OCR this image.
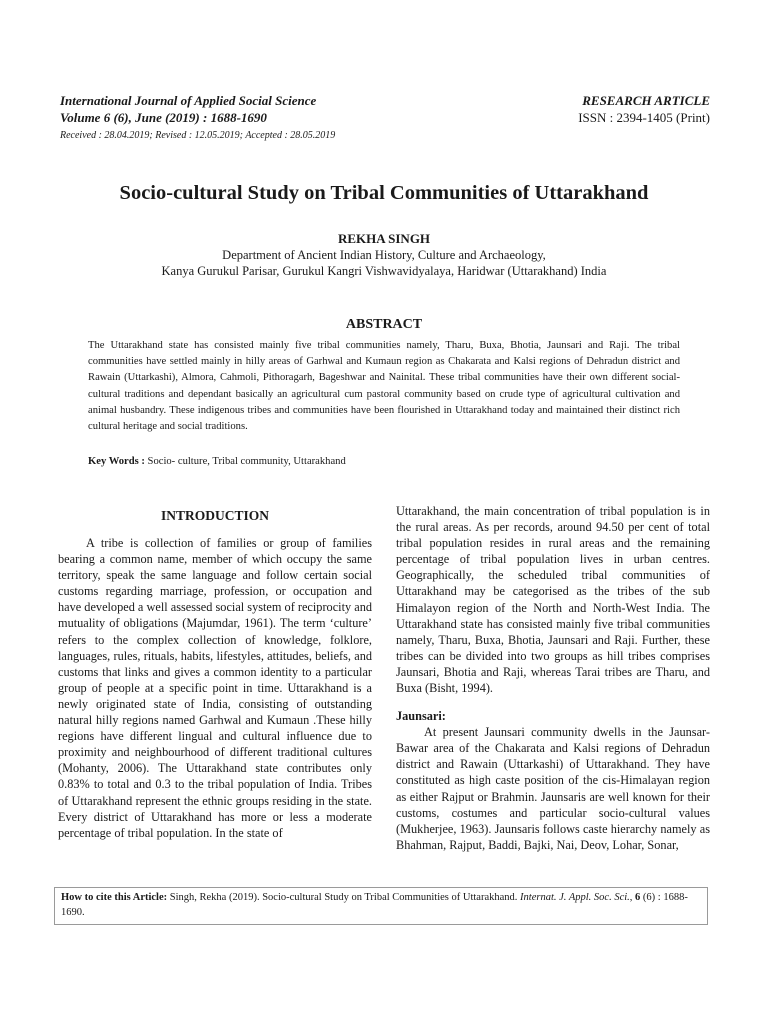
International Journal of Applied Social Science
Volume 6 (6), June (2019) : 1688-1690
Received : 28.04.2019; Revised : 12.05.2019; Accepted : 28.05.2019
RESEARCH ARTICLE
ISSN : 2394-1405 (Print)
Socio-cultural Study on Tribal Communities of Uttarakhand
REKHA SINGH
Department of Ancient Indian History, Culture and Archaeology,
Kanya Gurukul Parisar, Gurukul Kangri Vishwavidyalaya, Haridwar (Uttarakhand) India
ABSTRACT
The Uttarakhand state has consisted mainly five tribal communities namely, Tharu, Buxa, Bhotia, Jaunsari and Raji. The tribal communities have settled mainly in hilly areas of Garhwal and Kumaun region as Chakarata and Kalsi regions of Dehradun district and Rawain (Uttarkashi), Almora, Cahmoli, Pithoragarh, Bageshwar and Nainital. These tribal communities have their own different social-cultural traditions and dependant basically an agricultural cum pastoral community based on crude type of agricultural cultivation and animal husbandry. These indigenous tribes and communities have been flourished in Uttarakhand today and maintained their distinct rich cultural heritage and social traditions.
Key Words : Socio- culture, Tribal community, Uttarakhand
INTRODUCTION

A tribe is collection of families or group of families bearing a common name, member of which occupy the same territory, speak the same language and follow certain social customs regarding marriage, profession, or occupation and have developed a well assessed social system of reciprocity and mutuality of obligations (Majumdar, 1961). The term ‘culture’ refers to the complex collection of knowledge, folklore, languages, rules, rituals, habits, lifestyles, attitudes, beliefs, and customs that links and gives a common identity to a particular group of people at a specific point in time. Uttarakhand is a newly originated state of India, consisting of outstanding natural hilly regions named Garhwal and Kumaun .These hilly regions have different lingual and cultural influence due to proximity and neighbourhood of different traditional cultures (Mohanty, 2006). The Uttarakhand state contributes only 0.83% to total and 0.3 to the tribal population of India. Tribes of Uttarakhand represent the ethnic groups residing in the state. Every district of Uttarakhand has more or less a moderate percentage of tribal population. In the state of

Uttarakhand, the main concentration of tribal population is in the rural areas. As per records, around 94.50 per cent of total tribal population resides in rural areas and the remaining percentage of tribal population lives in urban centres. Geographically, the scheduled tribal communities of Uttarakhand may be categorised as the tribes of the sub Himalayon region of the North and North-West India. The Uttarakhand state has consisted mainly five tribal communities namely, Tharu, Buxa, Bhotia, Jaunsari and Raji. Further, these tribes can be divided into two groups as hill tribes comprises Jaunsari, Bhotia and Raji, whereas Tarai tribes are Tharu, and Buxa (Bisht, 1994).

Jaunsari:

At present Jaunsari community dwells in the Jaunsar- Bawar area of the Chakarata and Kalsi regions of Dehradun district and Rawain (Uttarkashi) of Uttarakhand. They have constituted as high caste position of the cis-Himalayan region as either Rajput or Brahmin. Jaunsaris are well known for their customs, costumes and particular socio-cultural values (Mukherjee, 1963). Jaunsaris follows caste hierarchy namely as Bhahman, Rajput, Baddi, Bajki, Nai, Deov, Lohar, Sonar,

How to cite this Article: Singh, Rekha (2019). Socio-cultural Study on Tribal Communities of Uttarakhand. Internat. J. Appl. Soc. Sci., 6 (6) : 1688-1690.
